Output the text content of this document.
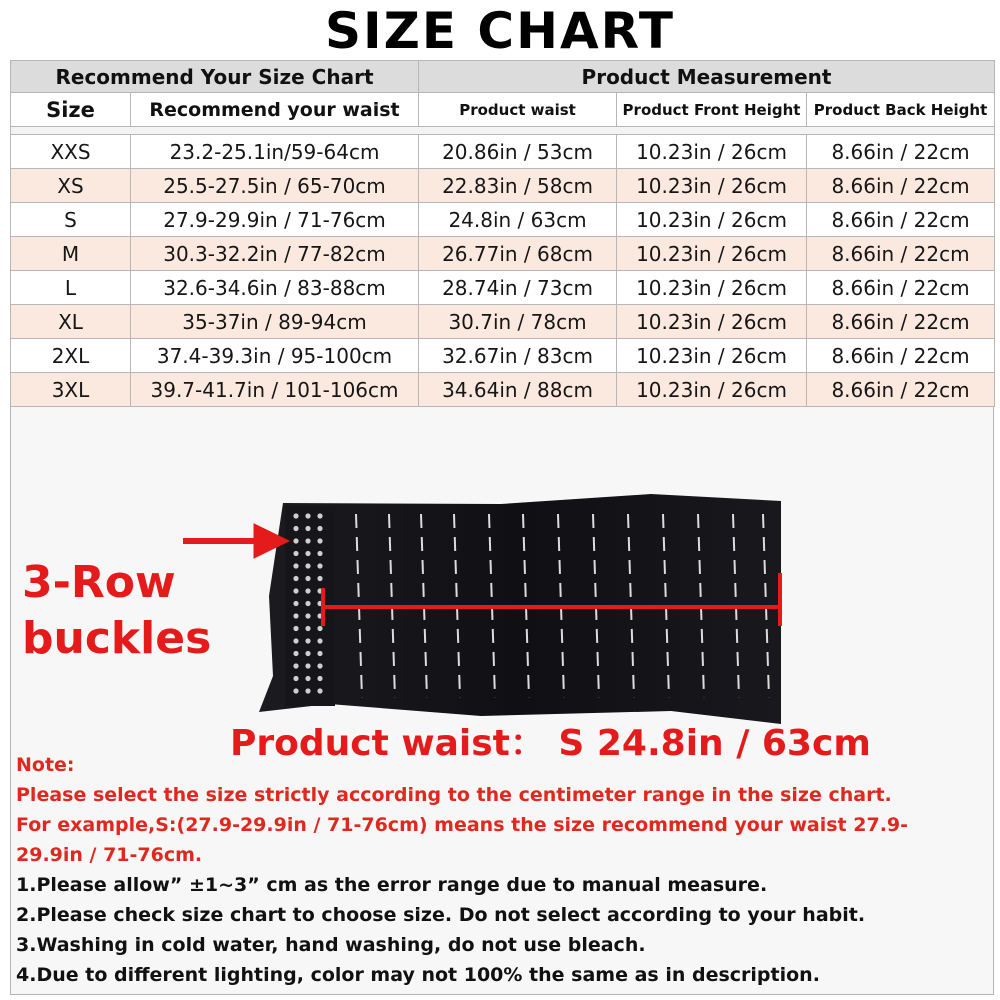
SIZE CHART
Recommend Your Size Chart		Product Measurement		
Size	Recommend your waist	Product waist	Product Front Height	Product Back Height

XXS	23.2-25.1in/59-64cm	20.86in / 53cm	10.23in / 26cm	8.66in / 22cm
XS	25.5-27.5in / 65-70cm	22.83in / 58cm	10.23in / 26cm	8.66in / 22cm
S	27.9-29.9in / 71-76cm	24.8in / 63cm	10.23in / 26cm	8.66in / 22cm
M	30.3-32.2in / 77-82cm	26.77in / 68cm	10.23in / 26cm	8.66in / 22cm
L	32.6-34.6in / 83-88cm	28.74in / 73cm	10.23in / 26cm	8.66in / 22cm
XL	35-37in / 89-94cm	30.7in / 78cm	10.23in / 26cm	8.66in / 22cm
2XL	37.4-39.3in / 95-100cm	32.67in / 83cm	10.23in / 26cm	8.66in / 22cm
3XL	39.7-41.7in / 101-106cm	34.64in / 88cm	10.23in / 26cm	8.66in / 22cm
3-Row
buckles
Product waist： S 24.8in / 63cm
Note:
Please select the size strictly according to the centimeter range in the size chart.
For example,S:(27.9-29.9in / 71-76cm) means the size recommend your waist 27.9-
29.9in / 71-76cm.
1.Please allow” ±1~3” cm as the error range due to manual measure.
2.Please check size chart to choose size. Do not select according to your habit.
3.Washing in cold water, hand washing, do not use bleach.
4.Due to different lighting, color may not 100% the same as in description.
